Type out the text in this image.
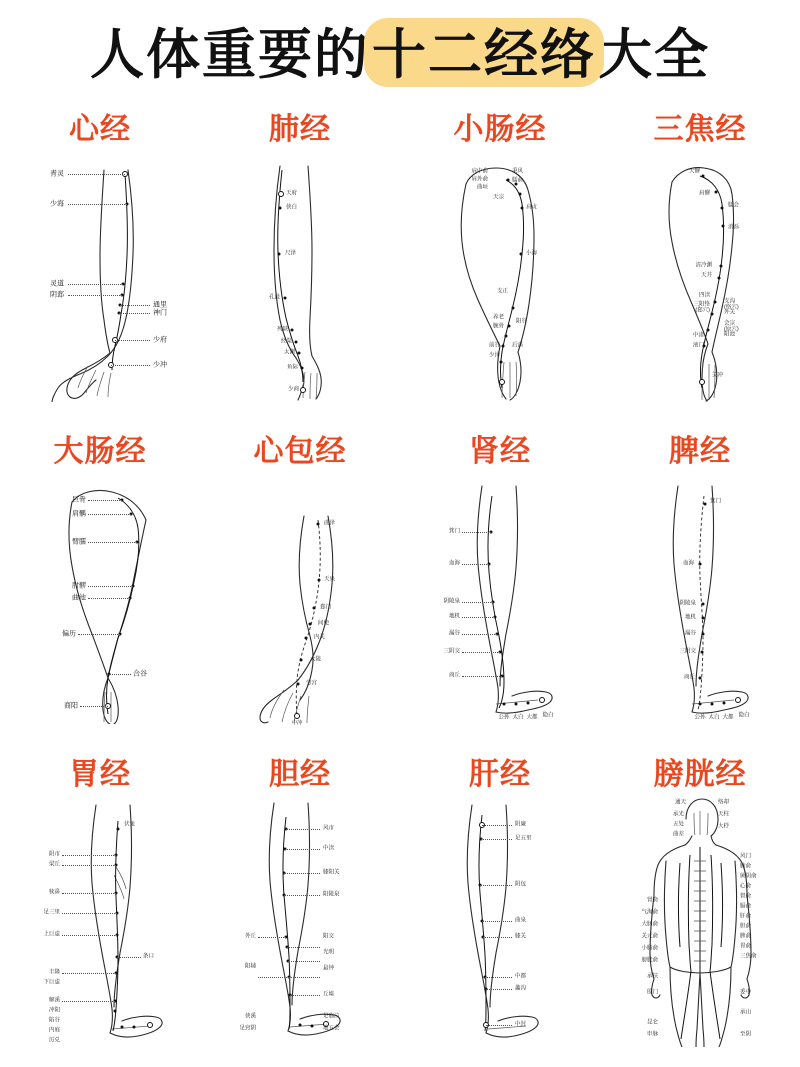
人体重要的 十二经络 大全
心经
青灵
少海
灵道
阴郄
通里
神门
少府
少冲
肺经
天府
侠白
尺泽
孔最
列缺
经渠
太渊
鱼际
少商
小肠经
肩中俞
肩外俞
曲垣
秉风
臑俞
天宗
肩贞
小海
支正
养老
腕骨
阳谷
前谷 后溪
少泽
三焦经
天髎
肩髎
臑会
消泺
清冷渊
天井
四渎
三阳络	支沟
外关
会宗
阳池
中渚
液门
关冲
(郄穴)	(络穴)
(原穴)
大肠经
巨骨
肩髃
臂臑
肘髎
曲池
偏历
合谷
商阳
心包经
曲泽
天泉
郄门
间使
内关
大陵
劳宫
中冲
肾经
箕门
血海
阴陵泉
地机
漏谷
三阴交
商丘
公孙 太白 大都 隐白
脾经
箕门
血海
阴陵泉
地机
漏谷
三阴交
商丘
公孙 太白 大都 隐白
胃经
伏兔
阴市
梁丘
犊鼻
足三里
上巨虚
条口
丰隆
下巨虚
解溪
冲阳
陷谷
内庭
厉兑
胆经
风市
中渎
膝阳关
阳陵泉
外丘	阳交
光明
阳辅	悬钟
丘墟
侠溪	足临泣
地五会
足窍阴
肝经
阴廉
足五里
阴包
曲泉
膝关
中都
蠡沟
中封
膀胱经
通天	络却
承光
五处
曲差
天柱
大杼
风门
肺俞
厥阴俞
心俞
督俞
膈俞
肝俞
胆俞
脾俞
胃俞
三焦俞
肾俞
气海俞
大肠俞
关元俞
小肠俞
膀胱俞
承扶
殷门	委中
承山
昆仑
申脉	至阴
